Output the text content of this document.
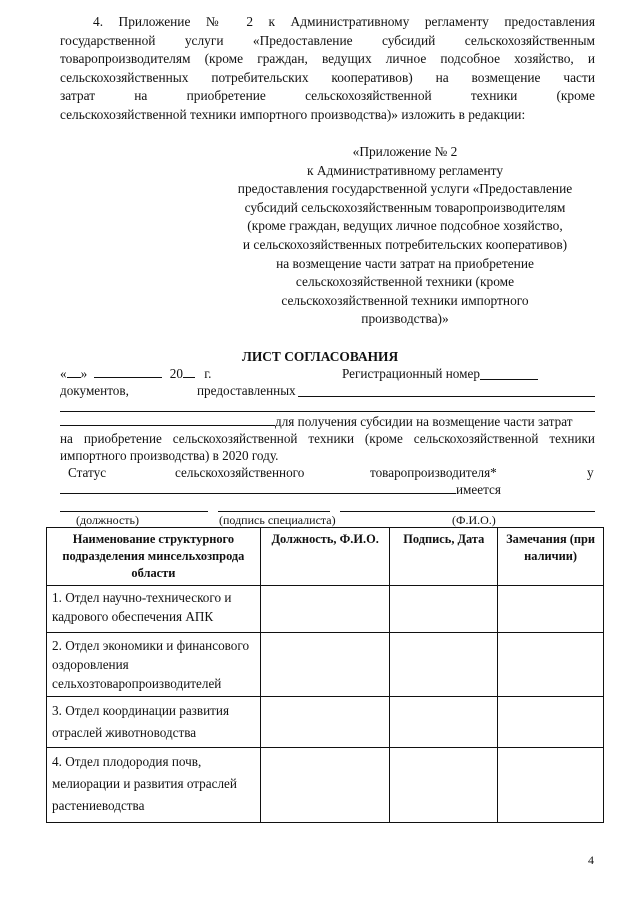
4. Приложение № 2 к Административному регламенту предоставления
государственной услуги «Предоставление субсидий сельскохозяйственным
товаропроизводителям (кроме граждан, ведущих личное подсобное хозяйство, и
сельскохозяйственных потребительских кооперативов) на возмещение части
затрат на приобретение сельскохозяйственной техники (кроме
сельскохозяйственной техники импортного производства)» изложить в редакции:
«Приложение № 2
к Административному регламенту
предоставления государственной услуги «Предоставление
субсидий сельскохозяйственным товаропроизводителям
(кроме граждан, ведущих личное подсобное хозяйство,
и сельскохозяйственных потребительских кооперативов)
на возмещение части затрат на приобретение
сельскохозяйственной техники (кроме
сельскохозяйственной техники импортного
производства)»
ЛИСТ СОГЛАСОВАНИЯ
« »	20 г.	Регистрационный номер
документов,	предоставленных
для получения субсидии на возмещение части затрат
на приобретение сельскохозяйственной техники (кроме сельскохозяйственной техники
импортного производства) в 2020 году.
Статус	сельскохозяйственного	товаропроизводителя*	у
имеется
(должность)	(подпись специалиста)	(Ф.И.О.)
Наименование структурного подразделения минсельхозпрода области	Должность, Ф.И.О.	Подпись, Дата	Замечания (при наличии)
1. Отдел научно-технического и кадрового обеспечения АПК			
2. Отдел экономики и финансового оздоровления сельхозтоваропроизводителей			
3. Отдел координации развития отраслей животноводства			
4. Отдел плодородия почв, мелиорации и развития отраслей растениеводства			
4
